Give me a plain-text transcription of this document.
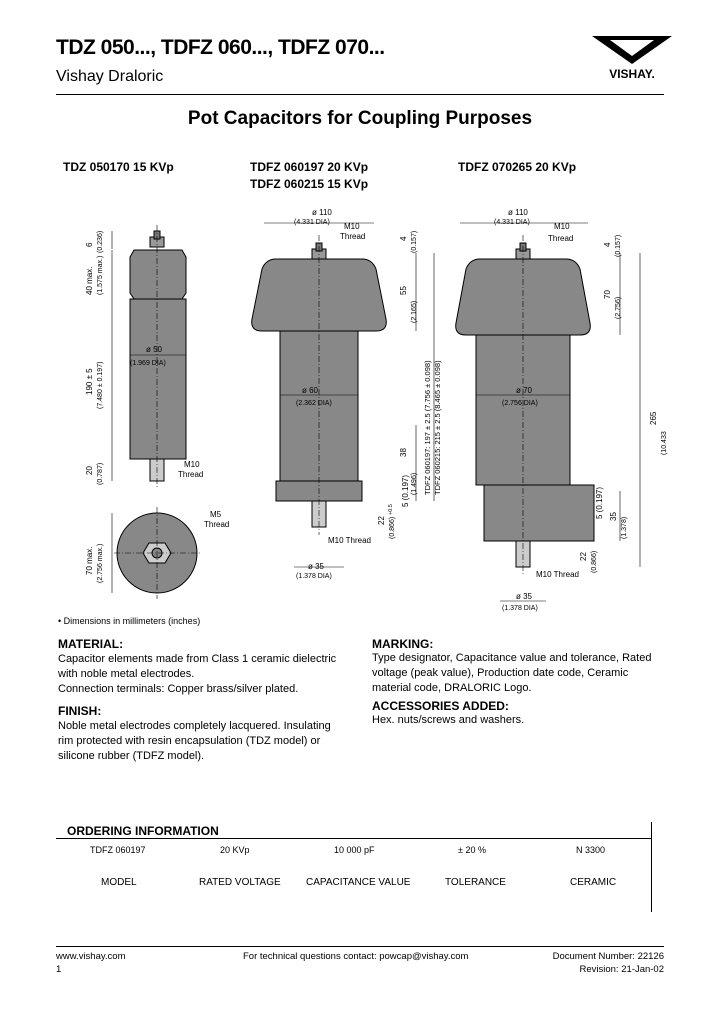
TDZ 050..., TDFZ 060..., TDFZ 070...
Vishay Draloric	VISHAY.
Pot Capacitors for Coupling Purposes
TDZ 050170 15 KVp	TDFZ 060197 20 KVp
TDFZ 060215 15 KVp
TDFZ 070265 20 KVp
6 (0.236)
40 max. (1.575 max.)
190 ± 5 (7.480 ± 0.197)
20 (0.787)
ø 50
(1.969 DIA)
M10
Thread
70 max. (2.756 max.)
M5
Thread
ø 110
(4.331 DIA) M10
Thread	4 (0.157)
55
(2.165)
TDFZ 060197: 197 ± 2.5 (7.756 ± 0.098) TDFZ 060215: 215 ± 2.5 (8.465 ± 0.098)
ø 60
(2.362 DIA)
38
(1.496)
5 (0.197)
22 (0.866)
+0.5
M10 Thread
ø 35
(1.378 DIA)
ø 110
(4.331 DIA)	M10
Thread
4 (0.157)
70
(2.756)
ø 70
(2.756 DIA)
265
(10.433
5 (0.197) 35
(1.378)
22 (0.866)
M10 Thread
ø 35
(1.378 DIA)
• Dimensions in millimeters (inches)
MATERIAL:
Capacitor elements made from Class 1 ceramic dielectric
with noble metal electrodes.
Connection terminals: Copper brass/silver plated.
FINISH:
Noble metal electrodes completely lacquered. Insulating
rim protected with resin encapsulation (TDZ model) or
silicone rubber (TDFZ model).
MARKING:
Type designator, Capacitance value and tolerance, Rated
voltage (peak value), Production date code, Ceramic
material code, DRALORIC Logo.
ACCESSORIES ADDED:
Hex. nuts/screws and washers.
ORDERING INFORMATION
TDFZ 060197	20 KVp	10 000 pF	± 20 %	N 3300
MODEL	RATED VOLTAGE	CAPACITANCE VALUE	TOLERANCE	CERAMIC
www.vishay.com
1
For technical questions contact: powcap@vishay.com	Document Number: 22126
Revision: 21-Jan-02
